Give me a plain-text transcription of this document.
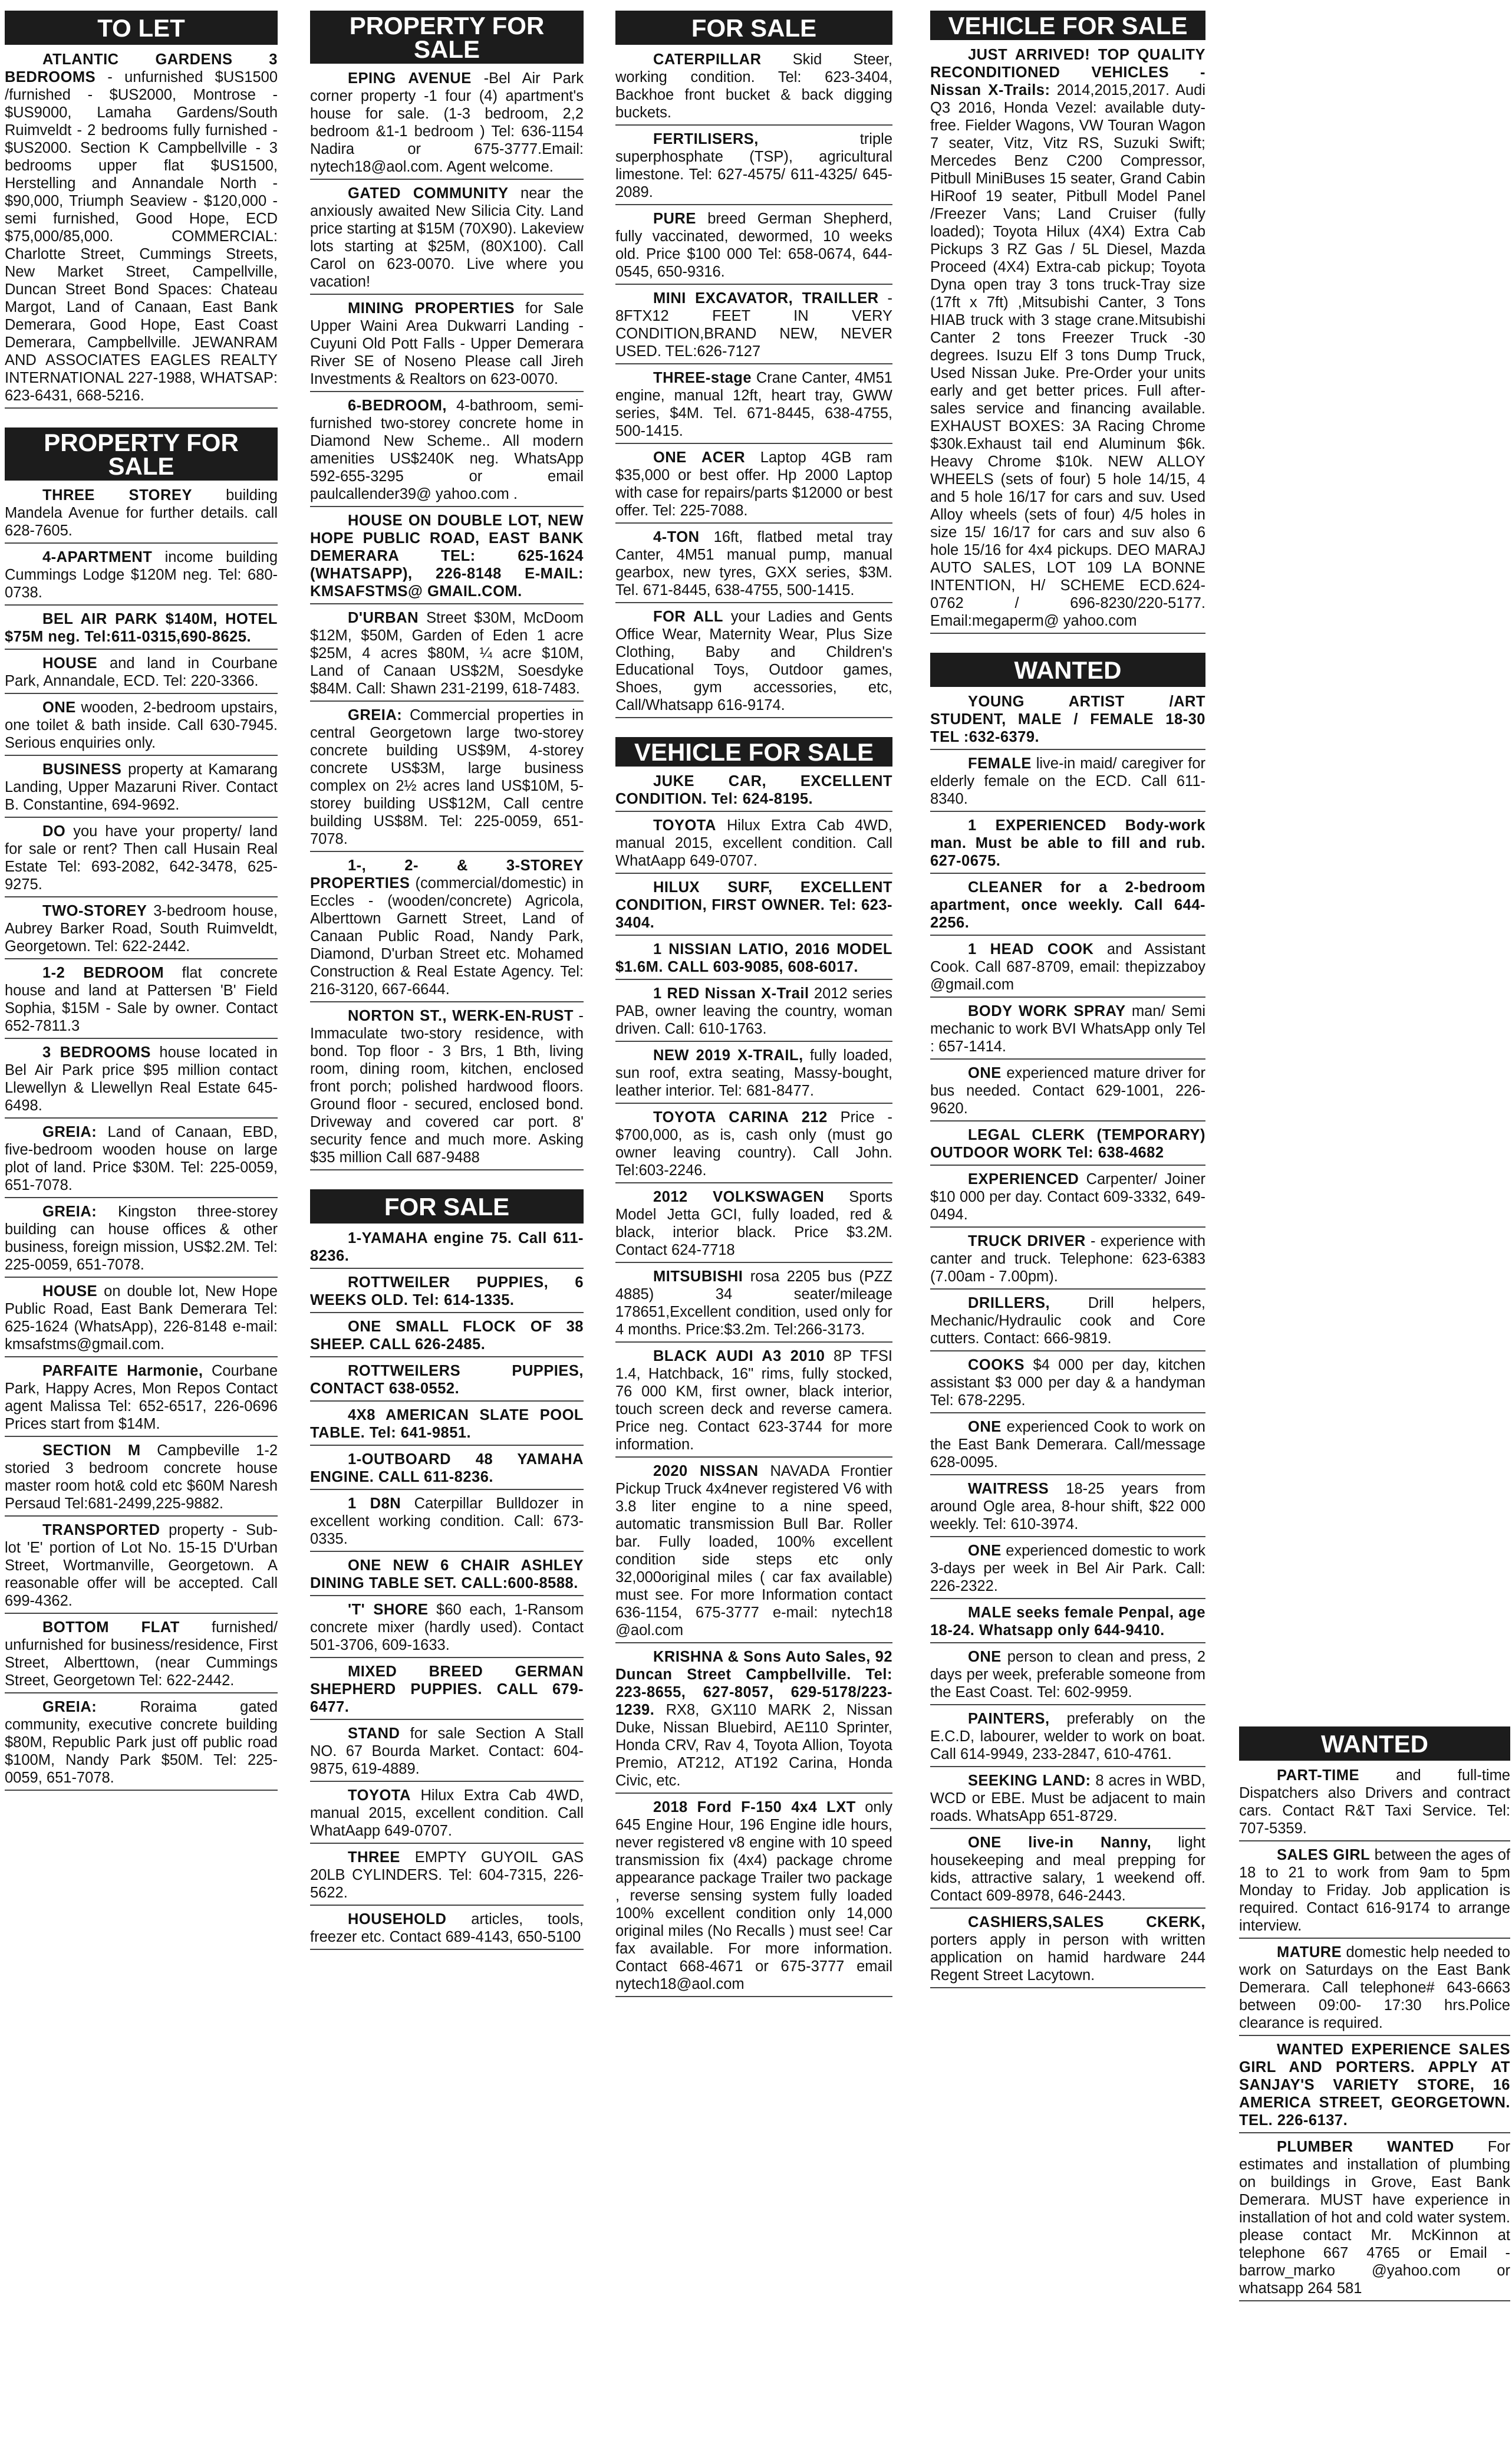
TO LET
ATLANTIC GARDENS 3 BEDROOMS - unfurnished $US1500 /furnished - $US2000, Montrose - $US9000, Lamaha Gardens/South Ruimveldt - 2 bedrooms fully furnished - $US2000. Section K Campbellville - 3 bedrooms upper flat $US1500, Herstelling and Annandale North - $90,000, Triumph Seaview - $120,000 - semi furnished, Good Hope, ECD $75,000/85,000. COMMERCIAL: Charlotte Street, Cummings Streets, New Market Street, Campellville, Duncan Street Bond Spaces: Chateau Margot, Land of Canaan, East Bank Demerara, Good Hope, East Coast Demerara, Campbellville. JEWANRAM AND ASSOCIATES EAGLES REALTY INTERNATIONAL 227-1988, WHATSAP: 623-6431, 668-5216.
PROPERTY FOR SALE
THREE STOREY building Mandela Avenue for further details. call 628-7605.
4-APARTMENT income building Cummings Lodge $120M neg. Tel: 680-0738.
BEL AIR PARK $140M, HOTEL $75M neg. Tel:611-0315,690-8625.
HOUSE and land in Courbane Park, Annandale, ECD. Tel: 220-3366.
ONE wooden, 2-bedroom upstairs, one toilet & bath inside. Call 630-7945. Serious enquiries only.
BUSINESS property at Kamarang Landing, Upper Mazaruni River. Contact B. Constantine, 694-9692.
DO you have your property/ land for sale or rent? Then call Husain Real Estate Tel: 693-2082, 642-3478, 625-9275.
TWO-STOREY 3-bedroom house, Aubrey Barker Road, South Ruimveldt, Georgetown. Tel: 622-2442.
1-2 BEDROOM flat concrete house and land at Pattersen 'B' Field Sophia, $15M - Sale by owner. Contact 652-7811.3
3 BEDROOMS house located in Bel Air Park price $95 million contact Llewellyn & Llewellyn Real Estate 645-6498.
GREIA: Land of Canaan, EBD, five-bedroom wooden house on large plot of land. Price $30M. Tel: 225-0059, 651-7078.
GREIA: Kingston three-storey building can house offices & other business, foreign mission, US$2.2M. Tel: 225-0059, 651-7078.
HOUSE on double lot, New Hope Public Road, East Bank Demerara Tel: 625-1624 (WhatsApp), 226-8148 e-mail: kmsafstms@gmail.com.
PARFAITE Harmonie, Courbane Park, Happy Acres, Mon Repos Contact agent Malissa Tel: 652-6517, 226-0696 Prices start from $14M.
SECTION M Campbeville 1-2 storied 3 bedroom concrete house master room hot& cold etc $60M Naresh Persaud Tel:681-2499,225-9882.
TRANSPORTED property - Sub-lot 'E' portion of Lot No. 15-15 D'Urban Street, Wortmanville, Georgetown. A reasonable offer will be accepted. Call 699-4362.
BOTTOM FLAT furnished/ unfurnished for business/residence, First Street, Alberttown, (near Cummings Street, Georgetown Tel: 622-2442.
GREIA: Roraima gated community, executive concrete building $80M, Republic Park just off public road $100M, Nandy Park $50M. Tel: 225-0059, 651-7078.
PROPERTY FOR SALE
EPING AVENUE -Bel Air Park corner property -1 four (4) apartment's house for sale. (1-3 bedroom, 2,2 bedroom &1-1 bedroom ) Tel: 636-1154 Nadira or 675-3777.Email: nytech18@aol.com. Agent welcome.
GATED COMMUNITY near the anxiously awaited New Silicia City. Land price starting at $15M (70X90). Lakeview lots starting at $25M, (80X100). Call Carol on 623-0070. Live where you vacation!
MINING PROPERTIES for Sale Upper Waini Area Dukwarri Landing -Cuyuni Old Pott Falls - Upper Demerara River SE of Noseno Please call Jireh Investments & Realtors on 623-0070.
6-BEDROOM, 4-bathroom, semi-furnished two-storey concrete home in Diamond New Scheme.. All modern amenities US$240K neg. WhatsApp 592-655-3295 or email paulcallender39@ yahoo.com .
HOUSE ON DOUBLE LOT, NEW HOPE PUBLIC ROAD, EAST BANK DEMERARA TEL: 625-1624 (WHATSAPP), 226-8148 E-MAIL: KMSAFSTMS@ GMAIL.COM.
D'URBAN Street $30M, McDoom $12M, $50M, Garden of Eden 1 acre $25M, 4 acres $80M, ¼ acre $10M, Land of Canaan US$2M, Soesdyke $84M. Call: Shawn 231-2199, 618-7483.
GREIA: Commercial properties in central Georgetown large two-storey concrete building US$9M, 4-storey concrete US$3M, large business complex on 2½ acres land US$10M, 5-storey building US$12M, Call centre building US$8M. Tel: 225-0059, 651-7078.
1-, 2- & 3-STOREY PROPERTIES (commercial/domestic) in Eccles - (wooden/concrete) Agricola, Alberttown Garnett Street, Land of Canaan Public Road, Nandy Park, Diamond, D'urban Street etc. Mohamed Construction & Real Estate Agency. Tel: 216-3120, 667-6644.
NORTON ST., WERK-EN-RUST - Immaculate two-story residence, with bond. Top floor - 3 Brs, 1 Bth, living room, dining room, kitchen, enclosed front porch; polished hardwood floors. Ground floor - secured, enclosed bond. Driveway and covered car port. 8' security fence and much more. Asking $35 million Call 687-9488
FOR SALE
1-YAMAHA engine 75. Call 611-8236.
ROTTWEILER PUPPIES, 6 WEEKS OLD. Tel: 614-1335.
ONE SMALL FLOCK OF 38 SHEEP. CALL 626-2485.
ROTTWEILERS PUPPIES, CONTACT 638-0552.
4X8 AMERICAN SLATE POOL TABLE. Tel: 641-9851.
1-OUTBOARD 48 YAMAHA ENGINE. CALL 611-8236.
1 D8N Caterpillar Bulldozer in excellent working condition. Call: 673-0335.
ONE NEW 6 CHAIR ASHLEY DINING TABLE SET. CALL:600-8588.
'T' SHORE $60 each, 1-Ransom concrete mixer (hardly used). Contact 501-3706, 609-1633.
MIXED BREED GERMAN SHEPHERD PUPPIES. CALL 679-6477.
STAND for sale Section A Stall NO. 67 Bourda Market. Contact: 604-9875, 619-4889.
TOYOTA Hilux Extra Cab 4WD, manual 2015, excellent condition. Call WhatAapp 649-0707.
THREE EMPTY GUYOIL GAS 20LB CYLINDERS. Tel: 604-7315, 226-5622.
HOUSEHOLD articles, tools, freezer etc. Contact 689-4143, 650-5100
FOR SALE
CATERPILLAR Skid Steer, working condition. Tel: 623-3404, Backhoe front bucket & back digging buckets.
FERTILISERS, triple superphosphate (TSP), agricultural limestone. Tel: 627-4575/ 611-4325/ 645-2089.
PURE breed German Shepherd, fully vaccinated, dewormed, 10 weeks old. Price $100 000 Tel: 658-0674, 644-0545, 650-9316.
MINI EXCAVATOR, TRAILLER - 8FTX12 FEET IN VERY CONDITION,BRAND NEW, NEVER USED. TEL:626-7127
THREE-stage Crane Canter, 4M51 engine, manual 12ft, heart tray, GWW series, $4M. Tel. 671-8445, 638-4755, 500-1415.
ONE ACER Laptop 4GB ram $35,000 or best offer. Hp 2000 Laptop with case for repairs/parts $12000 or best offer. Tel: 225-7088.
4-TON 16ft, flatbed metal tray Canter, 4M51 manual pump, manual gearbox, new tyres, GXX series, $3M. Tel. 671-8445, 638-4755, 500-1415.
FOR ALL your Ladies and Gents Office Wear, Maternity Wear, Plus Size Clothing, Baby and Children's Educational Toys, Outdoor games, Shoes, gym accessories, etc, Call/Whatsapp 616-9174.
VEHICLE FOR SALE
JUKE CAR, EXCELLENT CONDITION. Tel: 624-8195.
TOYOTA Hilux Extra Cab 4WD, manual 2015, excellent condition. Call WhatAapp 649-0707.
HILUX SURF, EXCELLENT CONDITION, FIRST OWNER. Tel: 623-3404.
1 NISSIAN LATIO, 2016 MODEL $1.6M. CALL 603-9085, 608-6017.
1 RED Nissan X-Trail 2012 series PAB, owner leaving the country, woman driven. Call: 610-1763.
NEW 2019 X-TRAIL, fully loaded, sun roof, extra seating, Massy-bought, leather interior. Tel: 681-8477.
TOYOTA CARINA 212 Price - $700,000, as is, cash only (must go owner leaving country). Call John. Tel:603-2246.
2012 VOLKSWAGEN Sports Model Jetta GCI, fully loaded, red & black, interior black. Price $3.2M. Contact 624-7718
MITSUBISHI rosa 2205 bus (PZZ 4885) 34 seater/mileage 178651,Excellent condition, used only for 4 months. Price:$3.2m. Tel:266-3173.
BLACK AUDI A3 2010 8P TFSI 1.4, Hatchback, 16" rims, fully stocked, 76 000 KM, first owner, black interior, touch screen deck and reverse camera. Price neg. Contact 623-3744 for more information.
2020 NISSAN NAVADA Frontier Pickup Truck 4x4never registered V6 with 3.8 liter engine to a nine speed, automatic transmission Bull Bar. Roller bar. Fully loaded, 100% excellent condition side steps etc only 32,000original miles ( car fax available) must see. For more Information contact 636-1154, 675-3777 e-mail: nytech18 @aol.com
KRISHNA & Sons Auto Sales, 92 Duncan Street Campbellville. Tel: 223-8655, 627-8057, 629-5178/223-1239. RX8, GX110 MARK 2, Nissan Duke, Nissan Bluebird, AE110 Sprinter, Honda CRV, Rav 4, Toyota Allion, Toyota Premio, AT212, AT192 Carina, Honda Civic, etc.
2018 Ford F-150 4x4 LXT only 645 Engine Hour, 196 Engine idle hours, never registered v8 engine with 10 speed transmission fix (4x4) package chrome appearance package Trailer two package , reverse sensing system fully loaded 100% excellent condition only 14,000 original miles (No Recalls ) must see! Car fax available. For more information. Contact 668-4671 or 675-3777 email nytech18@aol.com
VEHICLE FOR SALE
JUST ARRIVED! TOP QUALITY RECONDITIONED VEHICLES - Nissan X-Trails: 2014,2015,2017. Audi Q3 2016, Honda Vezel: available duty-free. Fielder Wagons, VW Touran Wagon 7 seater, Vitz, Vitz RS, Suzuki Swift; Mercedes Benz C200 Compressor, Pitbull MiniBuses 15 seater, Grand Cabin HiRoof 19 seater, Pitbull Model Panel /Freezer Vans; Land Cruiser (fully loaded); Toyota Hilux (4X4) Extra Cab Pickups 3 RZ Gas / 5L Diesel, Mazda Proceed (4X4) Extra-cab pickup; Toyota Dyna open tray 3 tons truck-Tray size (17ft x 7ft) ,Mitsubishi Canter, 3 Tons HIAB truck with 3 stage crane.Mitsubishi Canter 2 tons Freezer Truck -30 degrees. Isuzu Elf 3 tons Dump Truck, Used Nissan Juke. Pre-Order your units early and get better prices. Full after-sales service and financing available. EXHAUST BOXES: 3A Racing Chrome $30k.Exhaust tail end Aluminum $6k. Heavy Chrome $10k. NEW ALLOY WHEELS (sets of four) 5 hole 14/15, 4 and 5 hole 16/17 for cars and suv. Used Alloy wheels (sets of four) 4/5 holes in size 15/ 16/17 for cars and suv also 6 hole 15/16 for 4x4 pickups. DEO MARAJ AUTO SALES, LOT 109 LA BONNE INTENTION, H/ SCHEME ECD.624-0762 / 696-8230/220-5177. Email:megaperm@ yahoo.com
WANTED
YOUNG ARTIST /ART STUDENT, MALE / FEMALE 18-30 TEL :632-6379.
FEMALE live-in maid/ caregiver for elderly female on the ECD. Call 611-8340.
1 EXPERIENCED Body-work man. Must be able to fill and rub. 627-0675.
CLEANER for a 2-bedroom apartment, once weekly. Call 644-2256.
1 HEAD COOK and Assistant Cook. Call 687-8709, email: thepizzaboy @gmail.com
BODY WORK SPRAY man/ Semi mechanic to work BVI WhatsApp only Tel : 657-1414.
ONE experienced mature driver for bus needed. Contact 629-1001, 226-9620.
LEGAL CLERK (TEMPORARY) OUTDOOR WORK Tel: 638-4682
EXPERIENCED Carpenter/ Joiner $10 000 per day. Contact 609-3332, 649-0494.
TRUCK DRIVER - experience with canter and truck. Telephone: 623-6383 (7.00am - 7.00pm).
DRILLERS, Drill helpers, Mechanic/Hydraulic cook and Core cutters. Contact: 666-9819.
COOKS $4 000 per day, kitchen assistant $3 000 per day & a handyman Tel: 678-2295.
ONE experienced Cook to work on the East Bank Demerara. Call/message 628-0095.
WAITRESS 18-25 years from around Ogle area, 8-hour shift, $22 000 weekly. Tel: 610-3974.
ONE experienced domestic to work 3-days per week in Bel Air Park. Call: 226-2322.
MALE seeks female Penpal, age 18-24. Whatsapp only 644-9410.
ONE person to clean and press, 2 days per week, preferable someone from the East Coast. Tel: 602-9959.
PAINTERS, preferably on the E.C.D, labourer, welder to work on boat. Call 614-9949, 233-2847, 610-4761.
SEEKING LAND: 8 acres in WBD, WCD or EBE. Must be adjacent to main roads. WhatsApp 651-8729.
ONE live-in Nanny, light housekeeping and meal prepping for kids, attractive salary, 1 weekend off. Contact 609-8978, 646-2443.
CASHIERS,SALES CKERK, porters apply in person with written application on hamid hardware 244 Regent Street Lacytown.
WANTED
PART-TIME and full-time Dispatchers also Drivers and contract cars. Contact R&T Taxi Service. Tel: 707-5359.
SALES GIRL between the ages of 18 to 21 to work from 9am to 5pm Monday to Friday. Job application is required. Contact 616-9174 to arrange interview.
MATURE domestic help needed to work on Saturdays on the East Bank Demerara. Call telephone# 643-6663 between 09:00- 17:30 hrs.Police clearance is required.
WANTED EXPERIENCE SALES GIRL AND PORTERS. APPLY AT SANJAY'S VARIETY STORE, 16 AMERICA STREET, GEORGETOWN. TEL. 226-6137.
PLUMBER WANTED For estimates and installation of plumbing on buildings in Grove, East Bank Demerara. MUST have experience in installation of hot and cold water system. please contact Mr. McKinnon at telephone 667 4765 or Email - barrow_marko @yahoo.com or whatsapp 264 581
